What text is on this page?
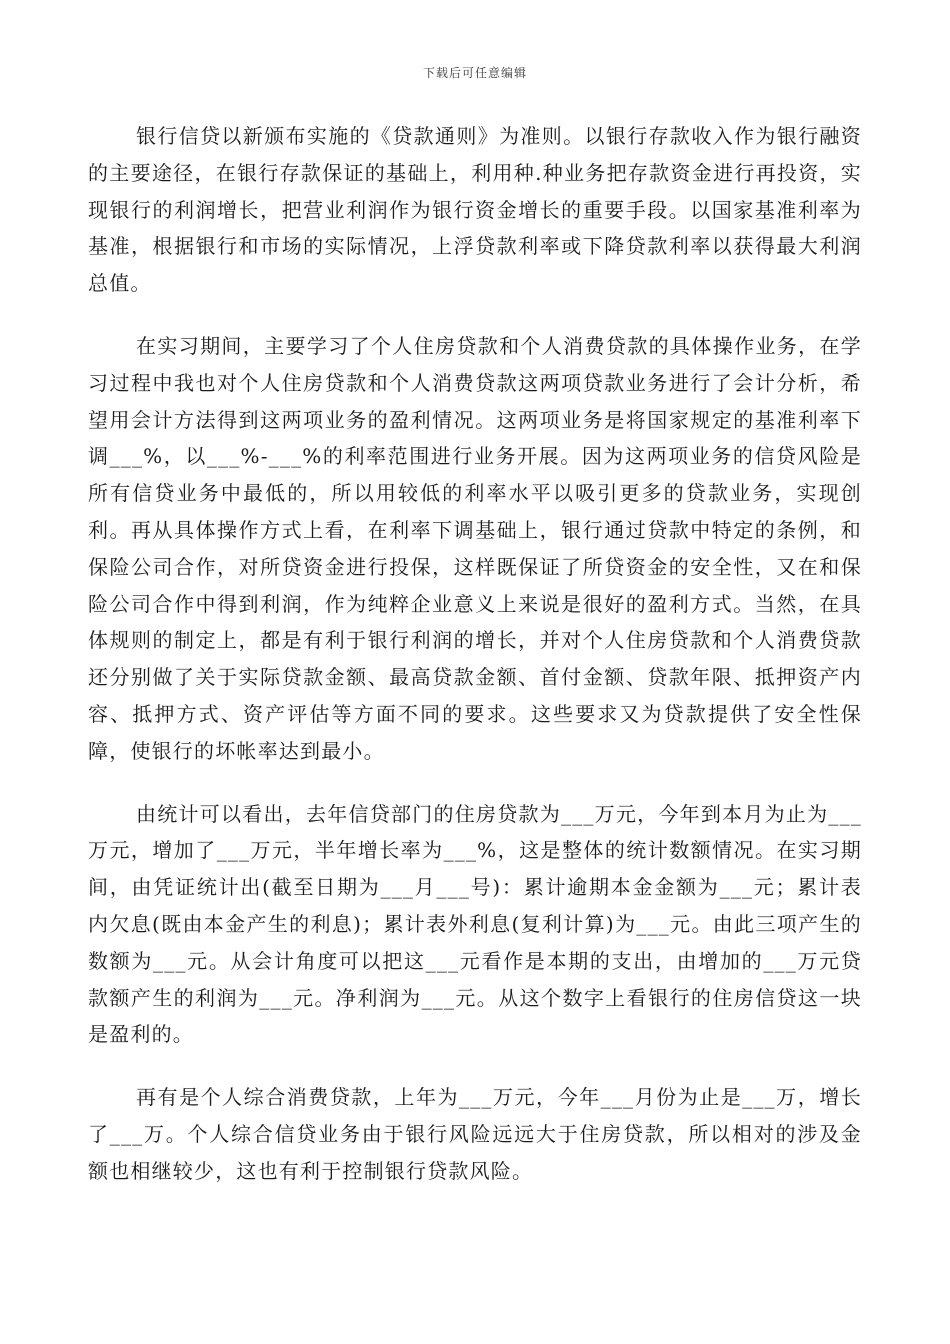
下载后可任意编辑

银行信贷以新颁布实施的《贷款通则》为准则。以银行存款收入作为银行融资的主要途径，在银行存款保证的基础上，利用种.种业务把存款资金进行再投资，实现银行的利润增长，把营业利润作为银行资金增长的重要手段。以国家基准利率为基准，根据银行和市场的实际情况，上浮贷款利率或下降贷款利率以获得最大利润总值。

在实习期间，主要学习了个人住房贷款和个人消费贷款的具体操作业务，在学习过程中我也对个人住房贷款和个人消费贷款这两项贷款业务进行了会计分析，希望用会计方法得到这两项业务的盈利情况。这两项业务是将国家规定的基准利率下调___%，以___%-___%的利率范围进行业务开展。因为这两项业务的信贷风险是所有信贷业务中最低的，所以用较低的利率水平以吸引更多的贷款业务，实现创利。再从具体操作方式上看，在利率下调基础上，银行通过贷款中特定的条例，和保险公司合作，对所贷资金进行投保，这样既保证了所贷资金的安全性，又在和保险公司合作中得到利润，作为纯粹企业意义上来说是很好的盈利方式。当然，在具体规则的制定上，都是有利于银行利润的增长，并对个人住房贷款和个人消费贷款还分别做了关于实际贷款金额、最高贷款金额、首付金额、贷款年限、抵押资产内容、抵押方式、资产评估等方面不同的要求。这些要求又为贷款提供了安全性保障，使银行的坏帐率达到最小。

由统计可以看出，去年信贷部门的住房贷款为___万元，今年到本月为止为___万元，增加了___万元，半年增长率为___%，这是整体的统计数额情况。在实习期间，由凭证统计出(截至日期为___月___号)：累计逾期本金金额为___元；累计表内欠息(既由本金产生的利息)；累计表外利息(复利计算)为___元。由此三项产生的数额为___元。从会计角度可以把这___元看作是本期的支出，由增加的___万元贷款额产生的利润为___元。净利润为___元。从这个数字上看银行的住房信贷这一块是盈利的。

再有是个人综合消费贷款，上年为___万元，今年___月份为止是___万，增长了___万。个人综合信贷业务由于银行风险远远大于住房贷款，所以相对的涉及金额也相继较少，这也有利于控制银行贷款风险。
